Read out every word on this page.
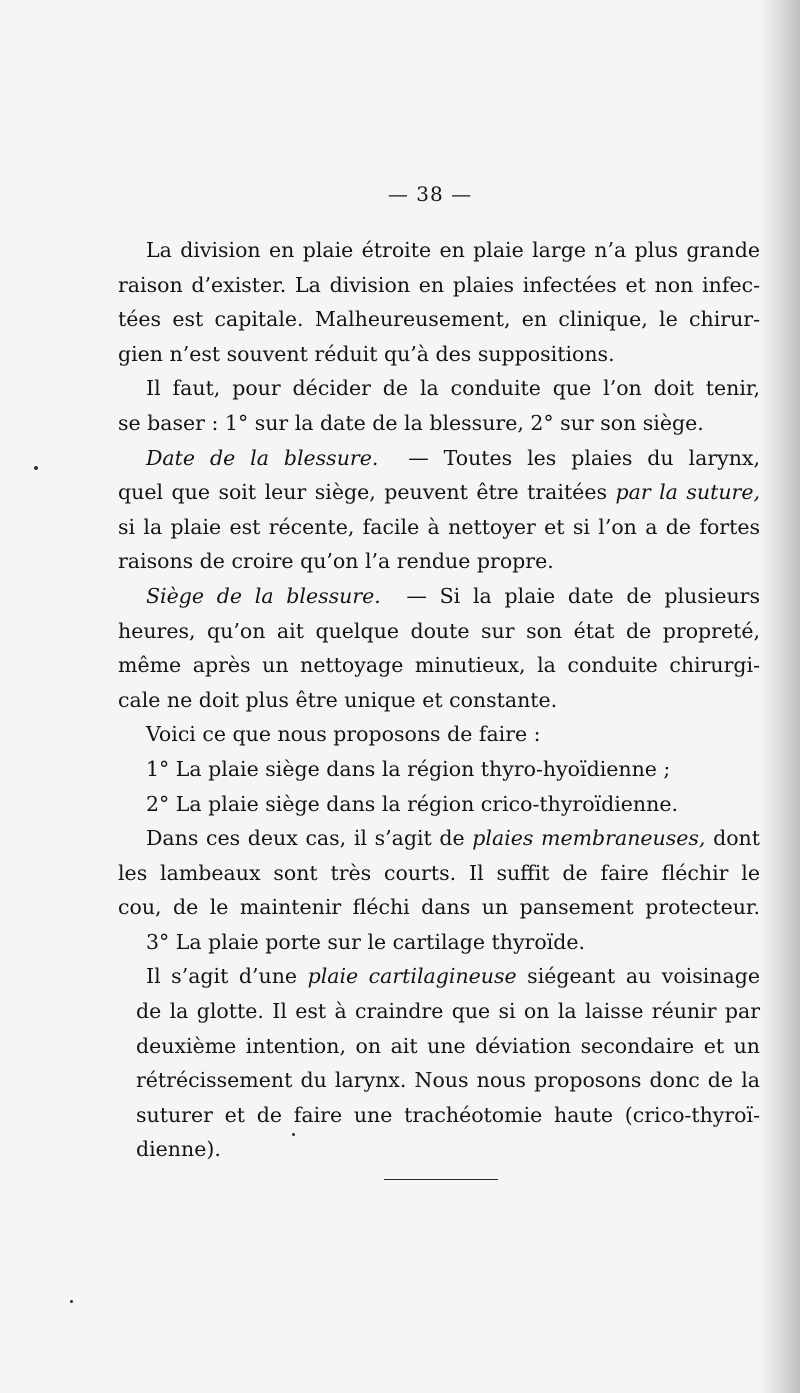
— 38 —
La division en plaie étroite en plaie large n’a plus grande
raison d’exister. La division en plaies infectées et non infec-
tées est capitale. Malheureusement, en clinique, le chirur-
gien n’est souvent réduit qu’à des suppositions.
Il faut, pour décider de la conduite que l’on doit tenir,
se baser : 1° sur la date de la blessure, 2° sur son siège.
Date de la blessure. — Toutes les plaies du larynx,
quel que soit leur siège, peuvent être traitées par la suture,
si la plaie est récente, facile à nettoyer et si l’on a de fortes
raisons de croire qu’on l’a rendue propre.
Siège de la blessure. — Si la plaie date de plusieurs
heures, qu’on ait quelque doute sur son état de propreté,
même après un nettoyage minutieux, la conduite chirurgi-
cale ne doit plus être unique et constante.
Voici ce que nous proposons de faire :
1° La plaie siège dans la région thyro-hyoïdienne ;
2° La plaie siège dans la région crico-thyroïdienne.
Dans ces deux cas, il s’agit de plaies membraneuses, dont
les lambeaux sont très courts. Il suffit de faire fléchir le
cou, de le maintenir fléchi dans un pansement protecteur.
3° La plaie porte sur le cartilage thyroïde.
Il s’agit d’une plaie cartilagineuse siégeant au voisinage
de la glotte. Il est à craindre que si on la laisse réunir par
deuxième intention, on ait une déviation secondaire et un
rétrécissement du larynx. Nous nous proposons donc de la
suturer et de faire une trachéotomie haute (crico-thyroï-
dienne).
